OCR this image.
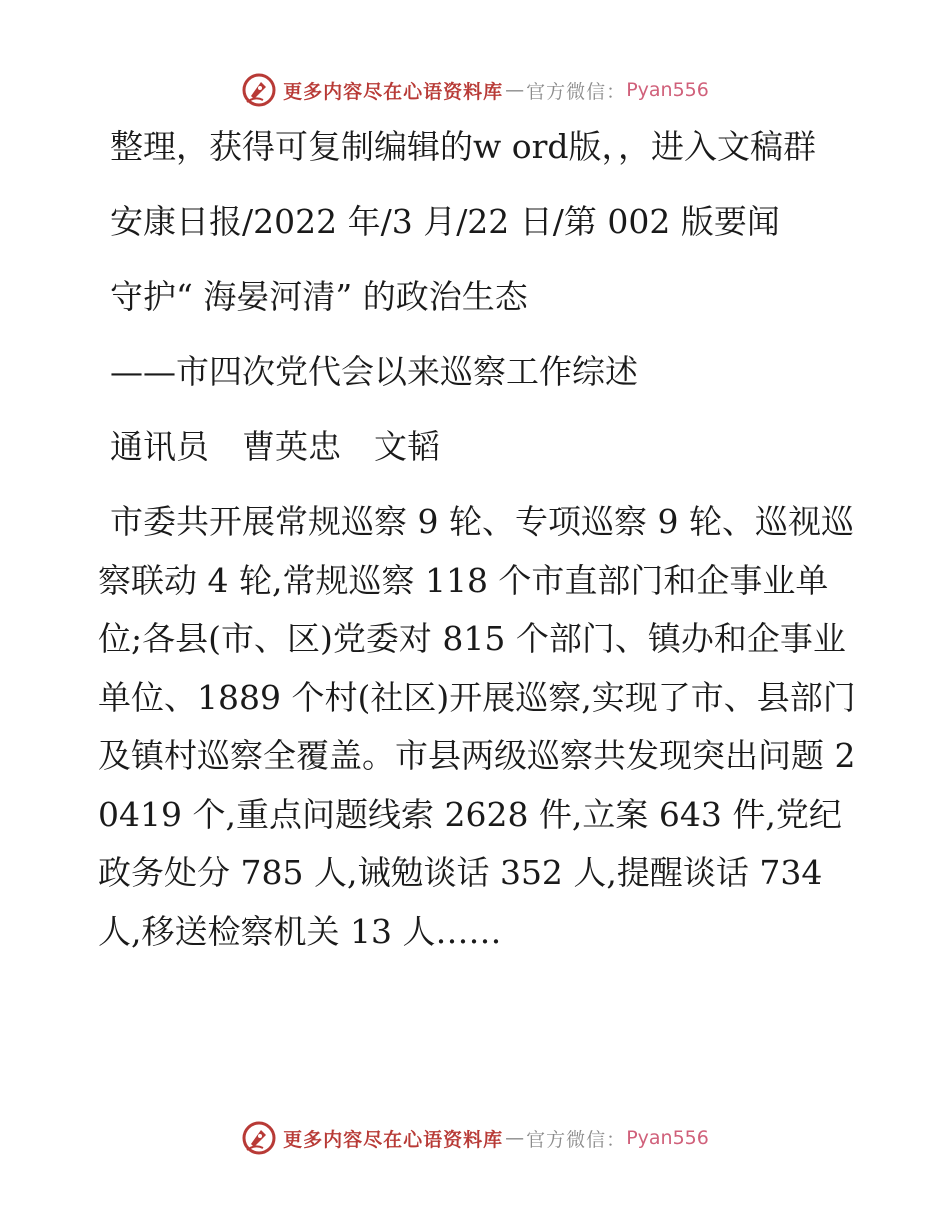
更多内容尽在心语资料库 — 官方微信： Pyan556

整理，获得可复制编辑的w ord版，，进入文稿群

安康日报/2022 年/3 月/22 日/第 002 版要闻

守护“ 海晏河清” 的政治生态

——市四次党代会以来巡察工作综述

通讯员　曹英忠　文韬

市委共开展常规巡察 9 轮、专项巡察 9 轮、巡视巡察联动 4 轮,常规巡察 118 个市直部门和企事业单位;各县(市、区)党委对 815 个部门、镇办和企事业单位、1889 个村(社区)开展巡察,实现了市、县部门及镇村巡察全覆盖。市县两级巡察共发现突出问题 20419 个,重点问题线索 2628 件,立案 643 件,党纪政务处分 785 人,诫勉谈话 352 人,提醒谈话 734 人,移送检察机关 13 人……

更多内容尽在心语资料库 — 官方微信： Pyan556
